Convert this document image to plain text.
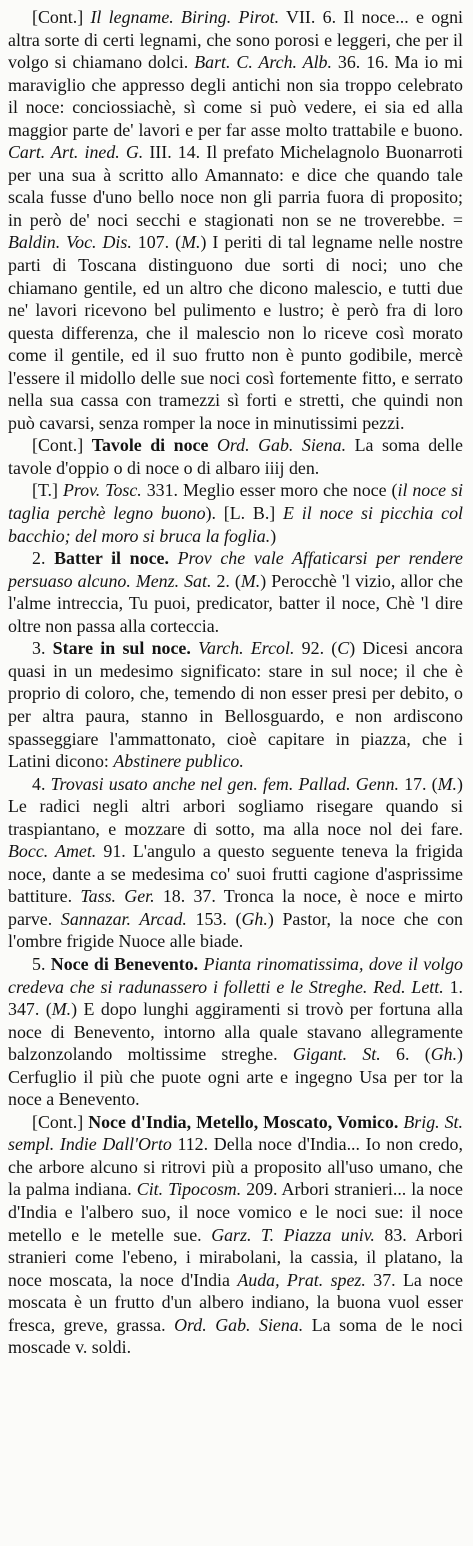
[Cont.] Il legname. Biring. Pirot. VII. 6. Il noce... e ogni altra sorte di certi legnami, che sono porosi e leggeri, che per il volgo si chiamano dolci. Bart. C. Arch. Alb. 36. 16. Ma io mi maraviglio che appresso degli antichi non sia troppo celebrato il noce: conciossiachè, sì come si può vedere, ei sia ed alla maggior parte de' lavori e per far asse molto trattabile e buono. Cart. Art. ined. G. III. 14. Il prefato Michelagnolo Buonarroti per una sua à scritto allo Amannato: e dice che quando tale scala fusse d'uno bello noce non gli parria fuora di proposito; in però de' noci secchi e stagionati non se ne troverebbe. = Baldin. Voc. Dis. 107. (M.) I periti di tal legname nelle nostre parti di Toscana distinguono due sorti di noci; uno che chiamano gentile, ed un altro che dicono malescio, e tutti due ne' lavori ricevono bel pulimento e lustro; è però fra di loro questa differenza, che il malescio non lo riceve così morato come il gentile, ed il suo frutto non è punto godibile, mercè l'essere il midollo delle sue noci così fortemente fitto, e serrato nella sua cassa con tramezzi sì forti e stretti, che quindi non può cavarsi, senza romper la noce in minutissimi pezzi.

[Cont.] Tavole di noce Ord. Gab. Siena. La soma delle tavole d'oppio o di noce o di albaro iiij den.

[T.] Prov. Tosc. 331. Meglio esser moro che noce (il noce si taglia perchè legno buono). [L. B.] E il noce si picchia col bacchio; del moro si bruca la foglia.)

2. Batter il noce. Prov che vale Affaticarsi per rendere persuaso alcuno. Menz. Sat. 2. (M.) Perocchè 'l vizio, allor che l'alme intreccia, Tu puoi, predicator, batter il noce, Chè 'l dire oltre non passa alla corteccia.

3. Stare in sul noce. Varch. Ercol. 92. (C) Dicesi ancora quasi in un medesimo significato: stare in sul noce; il che è proprio di coloro, che, temendo di non esser presi per debito, o per altra paura, stanno in Bellosguardo, e non ardiscono spasseggiare l'ammattonato, cioè capitare in piazza, che i Latini dicono: Abstinere publico.

4. Trovasi usato anche nel gen. fem. Pallad. Genn. 17. (M.) Le radici negli altri arbori sogliamo risegare quando si traspiantano, e mozzare di sotto, ma alla noce nol dei fare. Bocc. Amet. 91. L'angulo a questo seguente teneva la frigida noce, dante a se medesima co' suoi frutti cagione d'asprissime battiture. Tass. Ger. 18. 37. Tronca la noce, è noce e mirto parve. Sannazar. Arcad. 153. (Gh.) Pastor, la noce che con l'ombre frigide Nuoce alle biade.

5. Noce di Benevento. Pianta rinomatissima, dove il volgo credeva che si radunassero i folletti e le Streghe. Red. Lett. 1. 347. (M.) E dopo lunghi aggiramenti si trovò per fortuna alla noce di Benevento, intorno alla quale stavano allegramente balzonzolando moltissime streghe. Gigant. St. 6. (Gh.) Cerfuglio il più che puote ogni arte e ingegno Usa per tor la noce a Benevento.

[Cont.] Noce d'India, Metello, Moscato, Vomico. Brig. St. sempl. Indie Dall'Orto 112. Della noce d'India... Io non credo, che arbore alcuno si ritrovi più a proposito all'uso umano, che la palma indiana. Cit. Tipocosm. 209. Arbori stranieri... la noce d'India e l'albero suo, il noce vomico e le noci sue: il noce metello e le metelle sue. Garz. T. Piazza univ. 83. Arbori stranieri come l'ebeno, i mirabolani, la cassia, il platano, la noce moscata, la noce d'India Auda, Prat. spez. 37. La noce moscata è un frutto d'un albero indiano, la buona vuol esser fresca, greve, grassa. Ord. Gab. Siena. La soma de le noci moscade v. soldi.
